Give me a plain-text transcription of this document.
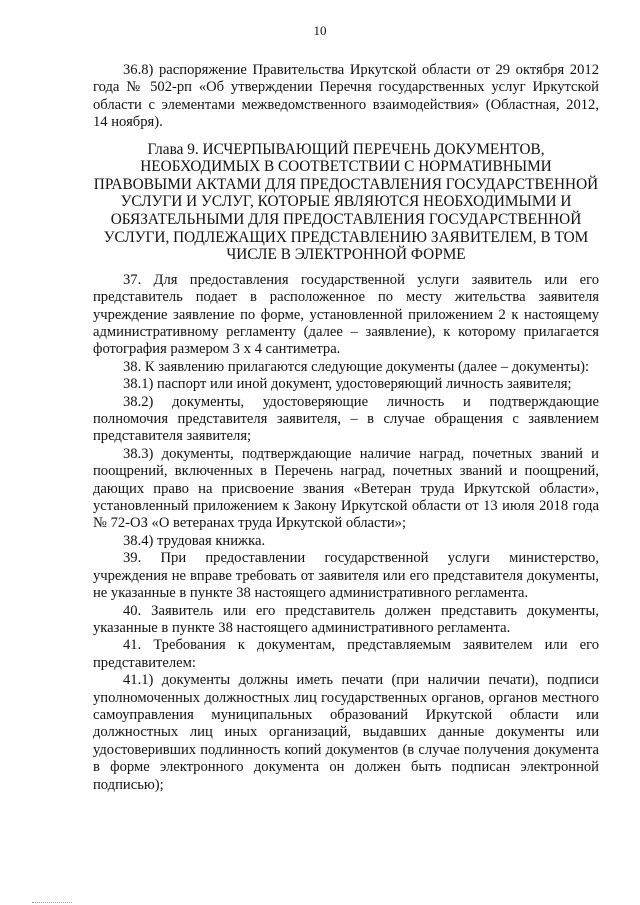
10

36.8) распоряжение Правительства Иркутской области от 29 октября 2012 года № 502-рп «Об утверждении Перечня государственных услуг Иркутской области с элементами межведомственного взаимодействия» (Областная, 2012, 14 ноября).

Глава 9. ИСЧЕРПЫВАЮЩИЙ ПЕРЕЧЕНЬ ДОКУМЕНТОВ, НЕОБХОДИМЫХ В СООТВЕТСТВИИ С НОРМАТИВНЫМИ ПРАВОВЫМИ АКТАМИ ДЛЯ ПРЕДОСТАВЛЕНИЯ ГОСУДАРСТВЕННОЙ УСЛУГИ И УСЛУГ, КОТОРЫЕ ЯВЛЯЮТСЯ НЕОБХОДИМЫМИ И ОБЯЗАТЕЛЬНЫМИ ДЛЯ ПРЕДОСТАВЛЕНИЯ ГОСУДАРСТВЕННОЙ УСЛУГИ, ПОДЛЕЖАЩИХ ПРЕДСТАВЛЕНИЮ ЗАЯВИТЕЛЕМ, В ТОМ ЧИСЛЕ В ЭЛЕКТРОННОЙ ФОРМЕ

37. Для предоставления государственной услуги заявитель или его представитель подает в расположенное по месту жительства заявителя учреждение заявление по форме, установленной приложением 2 к настоящему административному регламенту (далее – заявление), к которому прилагается фотография размером 3 х 4 сантиметра.

38. К заявлению прилагаются следующие документы (далее – документы):

38.1) паспорт или иной документ, удостоверяющий личность заявителя;

38.2) документы, удостоверяющие личность и подтверждающие полномочия представителя заявителя, – в случае обращения с заявлением представителя заявителя;

38.3) документы, подтверждающие наличие наград, почетных званий и поощрений, включенных в Перечень наград, почетных званий и поощрений, дающих право на присвоение звания «Ветеран труда Иркутской области», установленный приложением к Закону Иркутской области от 13 июля 2018 года № 72-ОЗ «О ветеранах труда Иркутской области»;

38.4) трудовая книжка.

39. При предоставлении государственной услуги министерство, учреждения не вправе требовать от заявителя или его представителя документы, не указанные в пункте 38 настоящего административного регламента.

40. Заявитель или его представитель должен представить документы, указанные в пункте 38 настоящего административного регламента.

41. Требования к документам, представляемым заявителем или его представителем:

41.1) документы должны иметь печати (при наличии печати), подписи уполномоченных должностных лиц государственных органов, органов местного самоуправления муниципальных образований Иркутской области или должностных лиц иных организаций, выдавших данные документы или удостоверивших подлинность копий документов (в случае получения документа в форме электронного документа он должен быть подписан электронной подписью);
